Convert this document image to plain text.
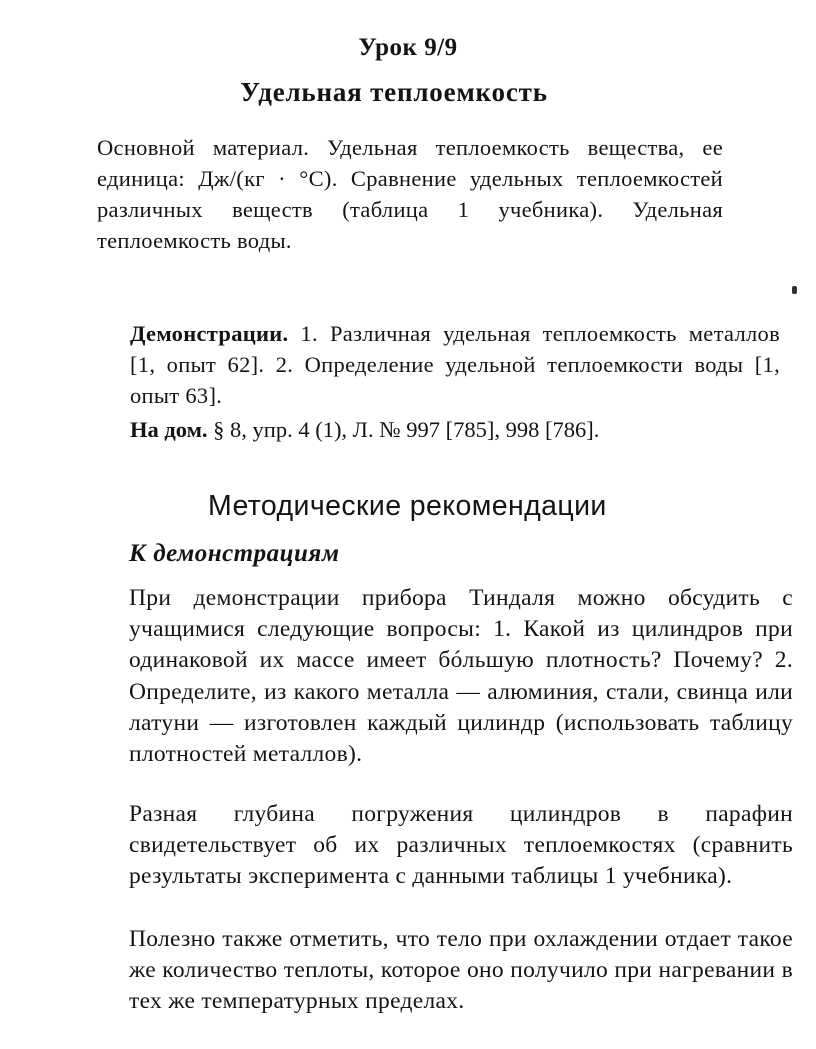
Урок 9/9
Удельная теплоемкость
Основной материал. Удельная теплоемкость вещества, ее единица: Дж/(кг · °С). Сравнение удельных теплоемкостей различных веществ (таблица 1 учебника). Удельная теплоемкость воды.
Демонстрации. 1. Различная удельная теплоемкость металлов [1, опыт 62]. 2. Определение удельной теплоемкости воды [1, опыт 63].
На дом. § 8, упр. 4 (1), Л. № 997 [785], 998 [786].
Методические рекомендации
К демонстрациям
При демонстрации прибора Тиндаля можно обсудить с учащимися следующие вопросы: 1. Какой из цилиндров при одинаковой их массе имеет бóльшую плотность? Почему? 2. Определите, из какого металла — алюминия, стали, свинца или латуни — изготовлен каждый цилиндр (использовать таблицу плотностей металлов).
Разная глубина погружения цилиндров в парафин свидетельствует об их различных теплоемкостях (сравнить результаты эксперимента с данными таблицы 1 учебника).
Полезно также отметить, что тело при охлаждении отдает такое же количество теплоты, которое оно получило при нагревании в тех же температурных пределах.
